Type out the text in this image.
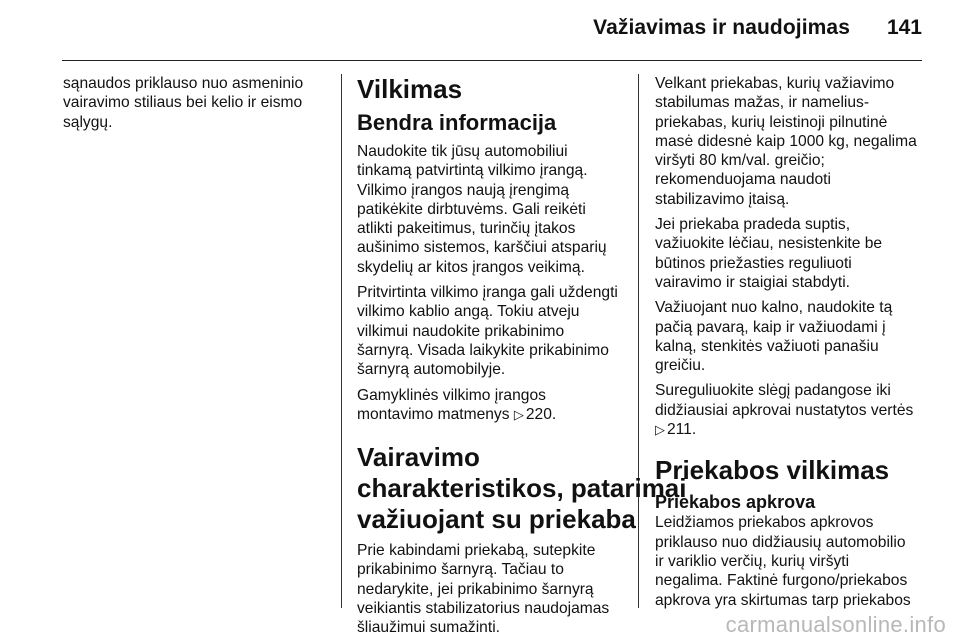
Važiavimas ir naudojimas 141
sąnaudos priklauso nuo asmeninio
vairavimo stiliaus bei kelio ir eismo
sąlygų.
Vilkimas
Bendra informacija
Naudokite tik jūsų automobiliui
tinkamą patvirtintą vilkimo įrangą.
Vilkimo įrangos naują įrengimą
patikėkite dirbtuvėms. Gali reikėti
atlikti pakeitimus, turinčių įtakos
aušinimo sistemos, karščiui atsparių
skydelių ar kitos įrangos veikimą.
Pritvirtinta vilkimo įranga gali uždengti
vilkimo kablio angą. Tokiu atveju
vilkimui naudokite prikabinimo
šarnyrą. Visada laikykite prikabinimo
šarnyrą automobilyje.
Gamyklinės vilkimo įrangos
montavimo matmenys ▷ 220.
Vairavimo
charakteristikos, patarimai
važiuojant su priekaba
Prie kabindami priekabą, sutepkite
prikabinimo šarnyrą. Tačiau to
nedarykite, jei prikabinimo šarnyrą
veikiantis stabilizatorius naudojamas
šliaužimui sumažinti.
Velkant priekabas, kurių važiavimo
stabilumas mažas, ir namelius-
priekabas, kurių leistinoji pilnutinė
masė didesnė kaip 1000 kg, negalima
viršyti 80 km/val. greičio;
rekomenduojama naudoti
stabilizavimo įtaisą.
Jei priekaba pradeda suptis,
važiuokite lėčiau, nesistenkite be
būtinos priežasties reguliuoti
vairavimo ir staigiai stabdyti.
Važiuojant nuo kalno, naudokite tą
pačią pavarą, kaip ir važiuodami į
kalną, stenkitės važiuoti panašiu
greičiu.
Sureguliuokite slėgį padangose iki
didžiausiai apkrovai nustatytos vertės
▷ 211.
Priekabos vilkimas
Priekabos apkrova
Leidžiamos priekabos apkrovos
priklauso nuo didžiausių automobilio
ir variklio verčių, kurių viršyti
negalima. Faktinė furgono/priekabos
apkrova yra skirtumas tarp priekabos
carmanualsonline.info
